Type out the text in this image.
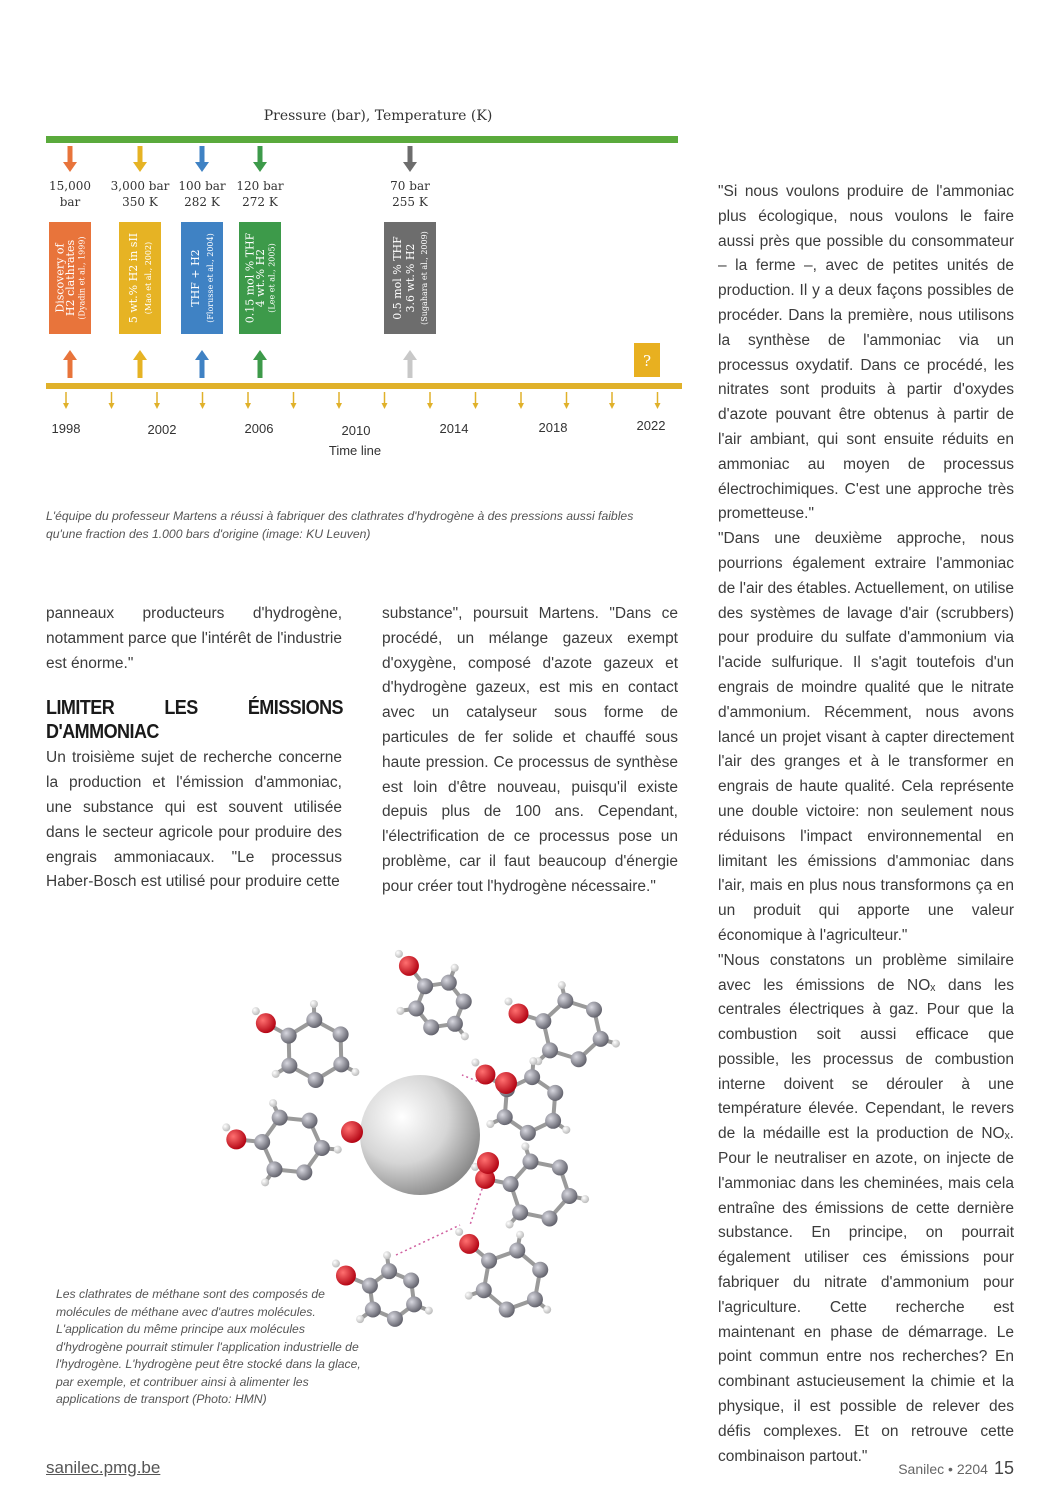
Pressure (bar), Temperature (K)
15,000
bar
Discovery of
H2 clathrates (Dyadin et al., 1999)
3,000 bar
350 K
5 wt.% H2 in sII (Mao et al., 2002)
100 bar
282 K
THF + H2 (Florusse et al., 2004)
120 bar
272 K
0.15 mol % THF
4 wt.% H2 (Lee et al., 2005)
70 bar
255 K
0.5 mol % THF 3.6 wt.% H2 (Sugahara et al., 2009)
?
1998	2002	2006	2010	2014	2018	2022
Time line
L'équipe du professeur Martens a réussi à fabriquer des clathrates d'hydrogène à des pressions aussi faibles qu'une fraction des 1.000 bars d'origine (image: KU Leuven)

panneaux producteurs d'hydrogène, notamment parce que l'intérêt de l'industrie est énorme."

LIMITER LES ÉMISSIONS D'AMMONIAC

Un troisième sujet de recherche concerne la production et l'émission d'ammoniac, une substance qui est souvent utilisée dans le secteur agricole pour produire des engrais ammoniacaux. "Le processus Haber-Bosch est utilisé pour produire cette

substance", poursuit Martens. "Dans ce procédé, un mélange gazeux exempt d'oxygène, composé d'azote gazeux et d'hydrogène gazeux, est mis en contact avec un catalyseur sous forme de particules de fer solide et chauffé sous haute pression. Ce processus de synthèse est loin d'être nouveau, puisqu'il existe depuis plus de 100 ans. Cependant, l'électrification de ce processus pose un problème, car il faut beaucoup d'énergie pour créer tout l'hydrogène nécessaire."

"Si nous voulons produire de l'ammoniac plus écologique, nous voulons le faire aussi près que possible du consommateur – la ferme –, avec de petites unités de production. Il y a deux façons possibles de procéder. Dans la première, nous utilisons la synthèse de l'ammoniac via un processus oxydatif. Dans ce procédé, les nitrates sont produits à partir d'oxydes d'azote pouvant être obtenus à partir de l'air ambiant, qui sont ensuite réduits en ammoniac au moyen de processus électrochimiques. C'est une approche très prometteuse."

"Dans une deuxième approche, nous pourrions également extraire l'ammoniac de l'air des étables. Actuellement, on utilise des systèmes de lavage d'air (scrubbers) pour produire du sulfate d'ammonium via l'acide sulfurique. Il s'agit toutefois d'un engrais de moindre qualité que le nitrate d'ammonium. Récemment, nous avons lancé un projet visant à capter directement l'air des granges et à le transformer en engrais de haute qualité. Cela représente une double victoire: non seulement nous réduisons l'impact environnemental en limitant les émissions d'ammoniac dans l'air, mais en plus nous transformons ça en un produit qui apporte une valeur économique à l'agriculteur."

"Nous constatons un problème similaire avec les émissions de NOₓ dans les centrales électriques à gaz. Pour que la combustion soit aussi efficace que possible, les processus de combustion interne doivent se dérouler à une température élevée. Cependant, le revers de la médaille est la production de NOₓ. Pour le neutraliser en azote, on injecte de l'ammoniac dans les cheminées, mais cela entraîne des émissions de cette dernière substance. En principe, on pourrait également utiliser ces émissions pour fabriquer du nitrate d'ammonium pour l'agriculture. Cette recherche est maintenant en phase de démarrage. Le point commun entre nos recherches? En combinant astucieusement la chimie et la physique, il est possible de relever des défis complexes. Et on retrouve cette combinaison partout."

Les clathrates de méthane sont des composés de molécules de méthane avec d'autres molécules. L'application du même principe aux molécules d'hydrogène pourrait stimuler l'application industrielle de l'hydrogène. L'hydrogène peut être stocké dans la glace, par exemple, et contribuer ainsi à alimenter les applications de transport (Photo: HMN)
sanilec.pmg.be	Sanilec • 2204 15
